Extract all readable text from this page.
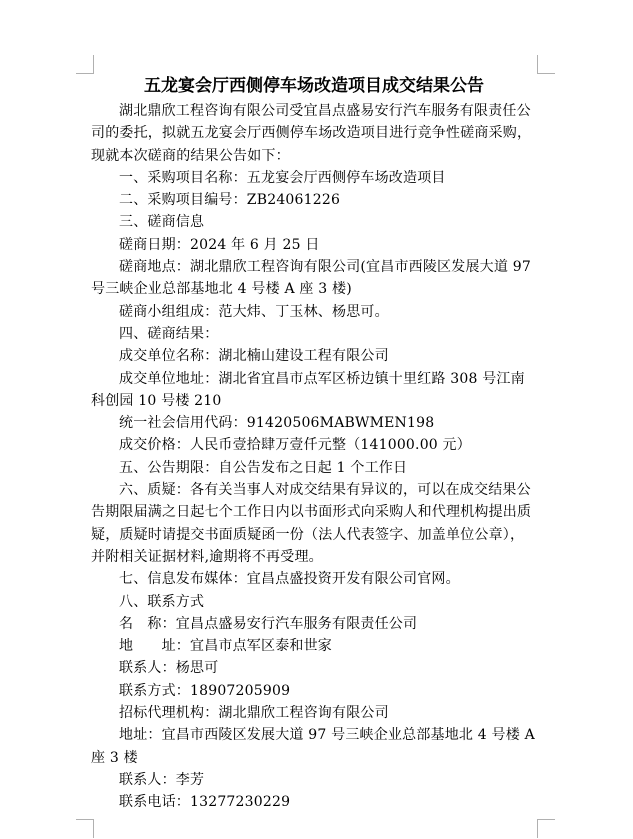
五龙宴会厅西侧停车场改造项目成交结果公告

湖北鼎欣工程咨询有限公司受宜昌点盛易安行汽车服务有限责任公司的委托，拟就五龙宴会厅西侧停车场改造项目进行竞争性磋商采购，现就本次磋商的结果公告如下：

一、采购项目名称：五龙宴会厅西侧停车场改造项目

二、采购项目编号：ZB24061226

三、磋商信息

磋商日期：2024 年 6 月 25 日

磋商地点：湖北鼎欣工程咨询有限公司(宜昌市西陵区发展大道 97 号三峡企业总部基地北 4 号楼 A 座 3 楼)

磋商小组组成：范大炜、丁玉林、杨思可。

四、磋商结果：

成交单位名称：湖北楠山建设工程有限公司

成交单位地址：湖北省宜昌市点军区桥边镇十里红路 308 号江南科创园 10 号楼 210

统一社会信用代码：91420506MABWMEN198

成交价格：人民币壹拾肆万壹仟元整（141000.00 元）

五、公告期限：自公告发布之日起 1 个工作日

六、质疑：各有关当事人对成交结果有异议的，可以在成交结果公告期限届满之日起七个工作日内以书面形式向采购人和代理机构提出质疑，质疑时请提交书面质疑函一份（法人代表签字、加盖单位公章），并附相关证据材料,逾期将不再受理。

七、信息发布媒体：宜昌点盛投资开发有限公司官网。

八、联系方式

名　称：宜昌点盛易安行汽车服务有限责任公司

地　　址：宜昌市点军区泰和世家

联系人：杨思可

联系方式：18907205909

招标代理机构：湖北鼎欣工程咨询有限公司

地址：宜昌市西陵区发展大道 97 号三峡企业总部基地北 4 号楼 A 座 3 楼

联系人：李芳

联系电话：13277230229
